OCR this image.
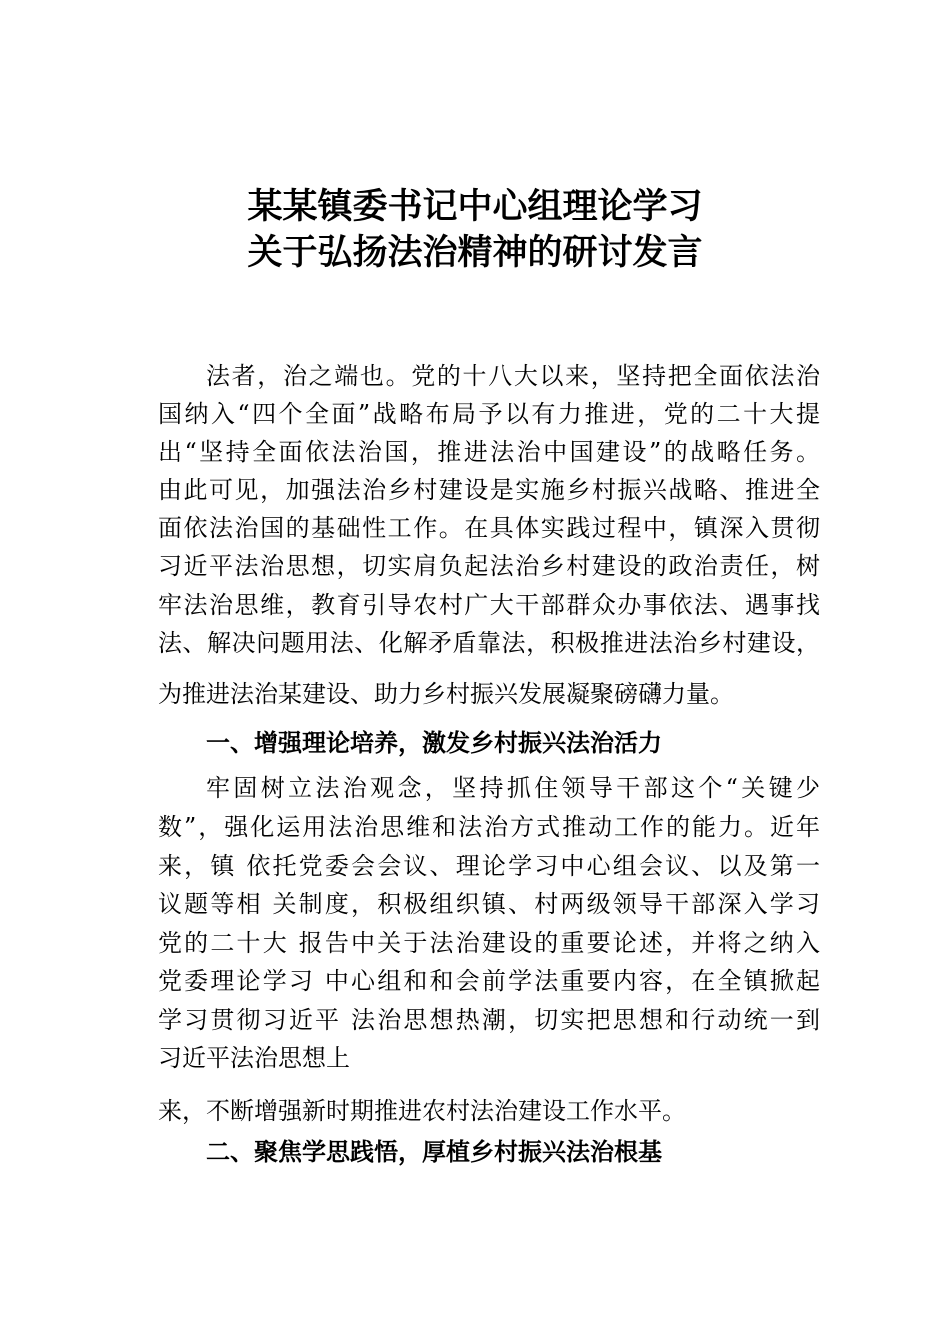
某某镇委书记中心组理论学习
关于弘扬法治精神的研讨发言
法者，治之端也。党的十八大以来，坚持把全面依法治
国纳入“四个全面”战略布局予以有力推进，党的二十大提
出“坚持全面依法治国，推进法治中国建设”的战略任务。
由此可见，加强法治乡村建设是实施乡村振兴战略、推进全
面依法治国的基础性工作。在具体实践过程中，镇深入贯彻
习近平法治思想，切实肩负起法治乡村建设的政治责任，树
牢法治思维，教育引导农村广大干部群众办事依法、遇事找
法、解决问题用法、化解矛盾靠法，积极推进法治乡村建设，
为推进法治某建设、助力乡村振兴发展凝聚磅礴力量。
一、增强理论培养，激发乡村振兴法治活力
牢固树立法治观念，坚持抓住领导干部这个“关键少
数”，强化运用法治思维和法治方式推动工作的能力。近年
来，镇 依托党委会会议、理论学习中心组会议、以及第一
议题等相 关制度，积极组织镇、村两级领导干部深入学习
党的二十大 报告中关于法治建设的重要论述，并将之纳入
党委理论学习 中心组和和会前学法重要内容，在全镇掀起
学习贯彻习近平 法治思想热潮，切实把思想和行动统一到
习近平法治思想上
来，不断增强新时期推进农村法治建设工作水平。
二、聚焦学思践悟，厚植乡村振兴法治根基
